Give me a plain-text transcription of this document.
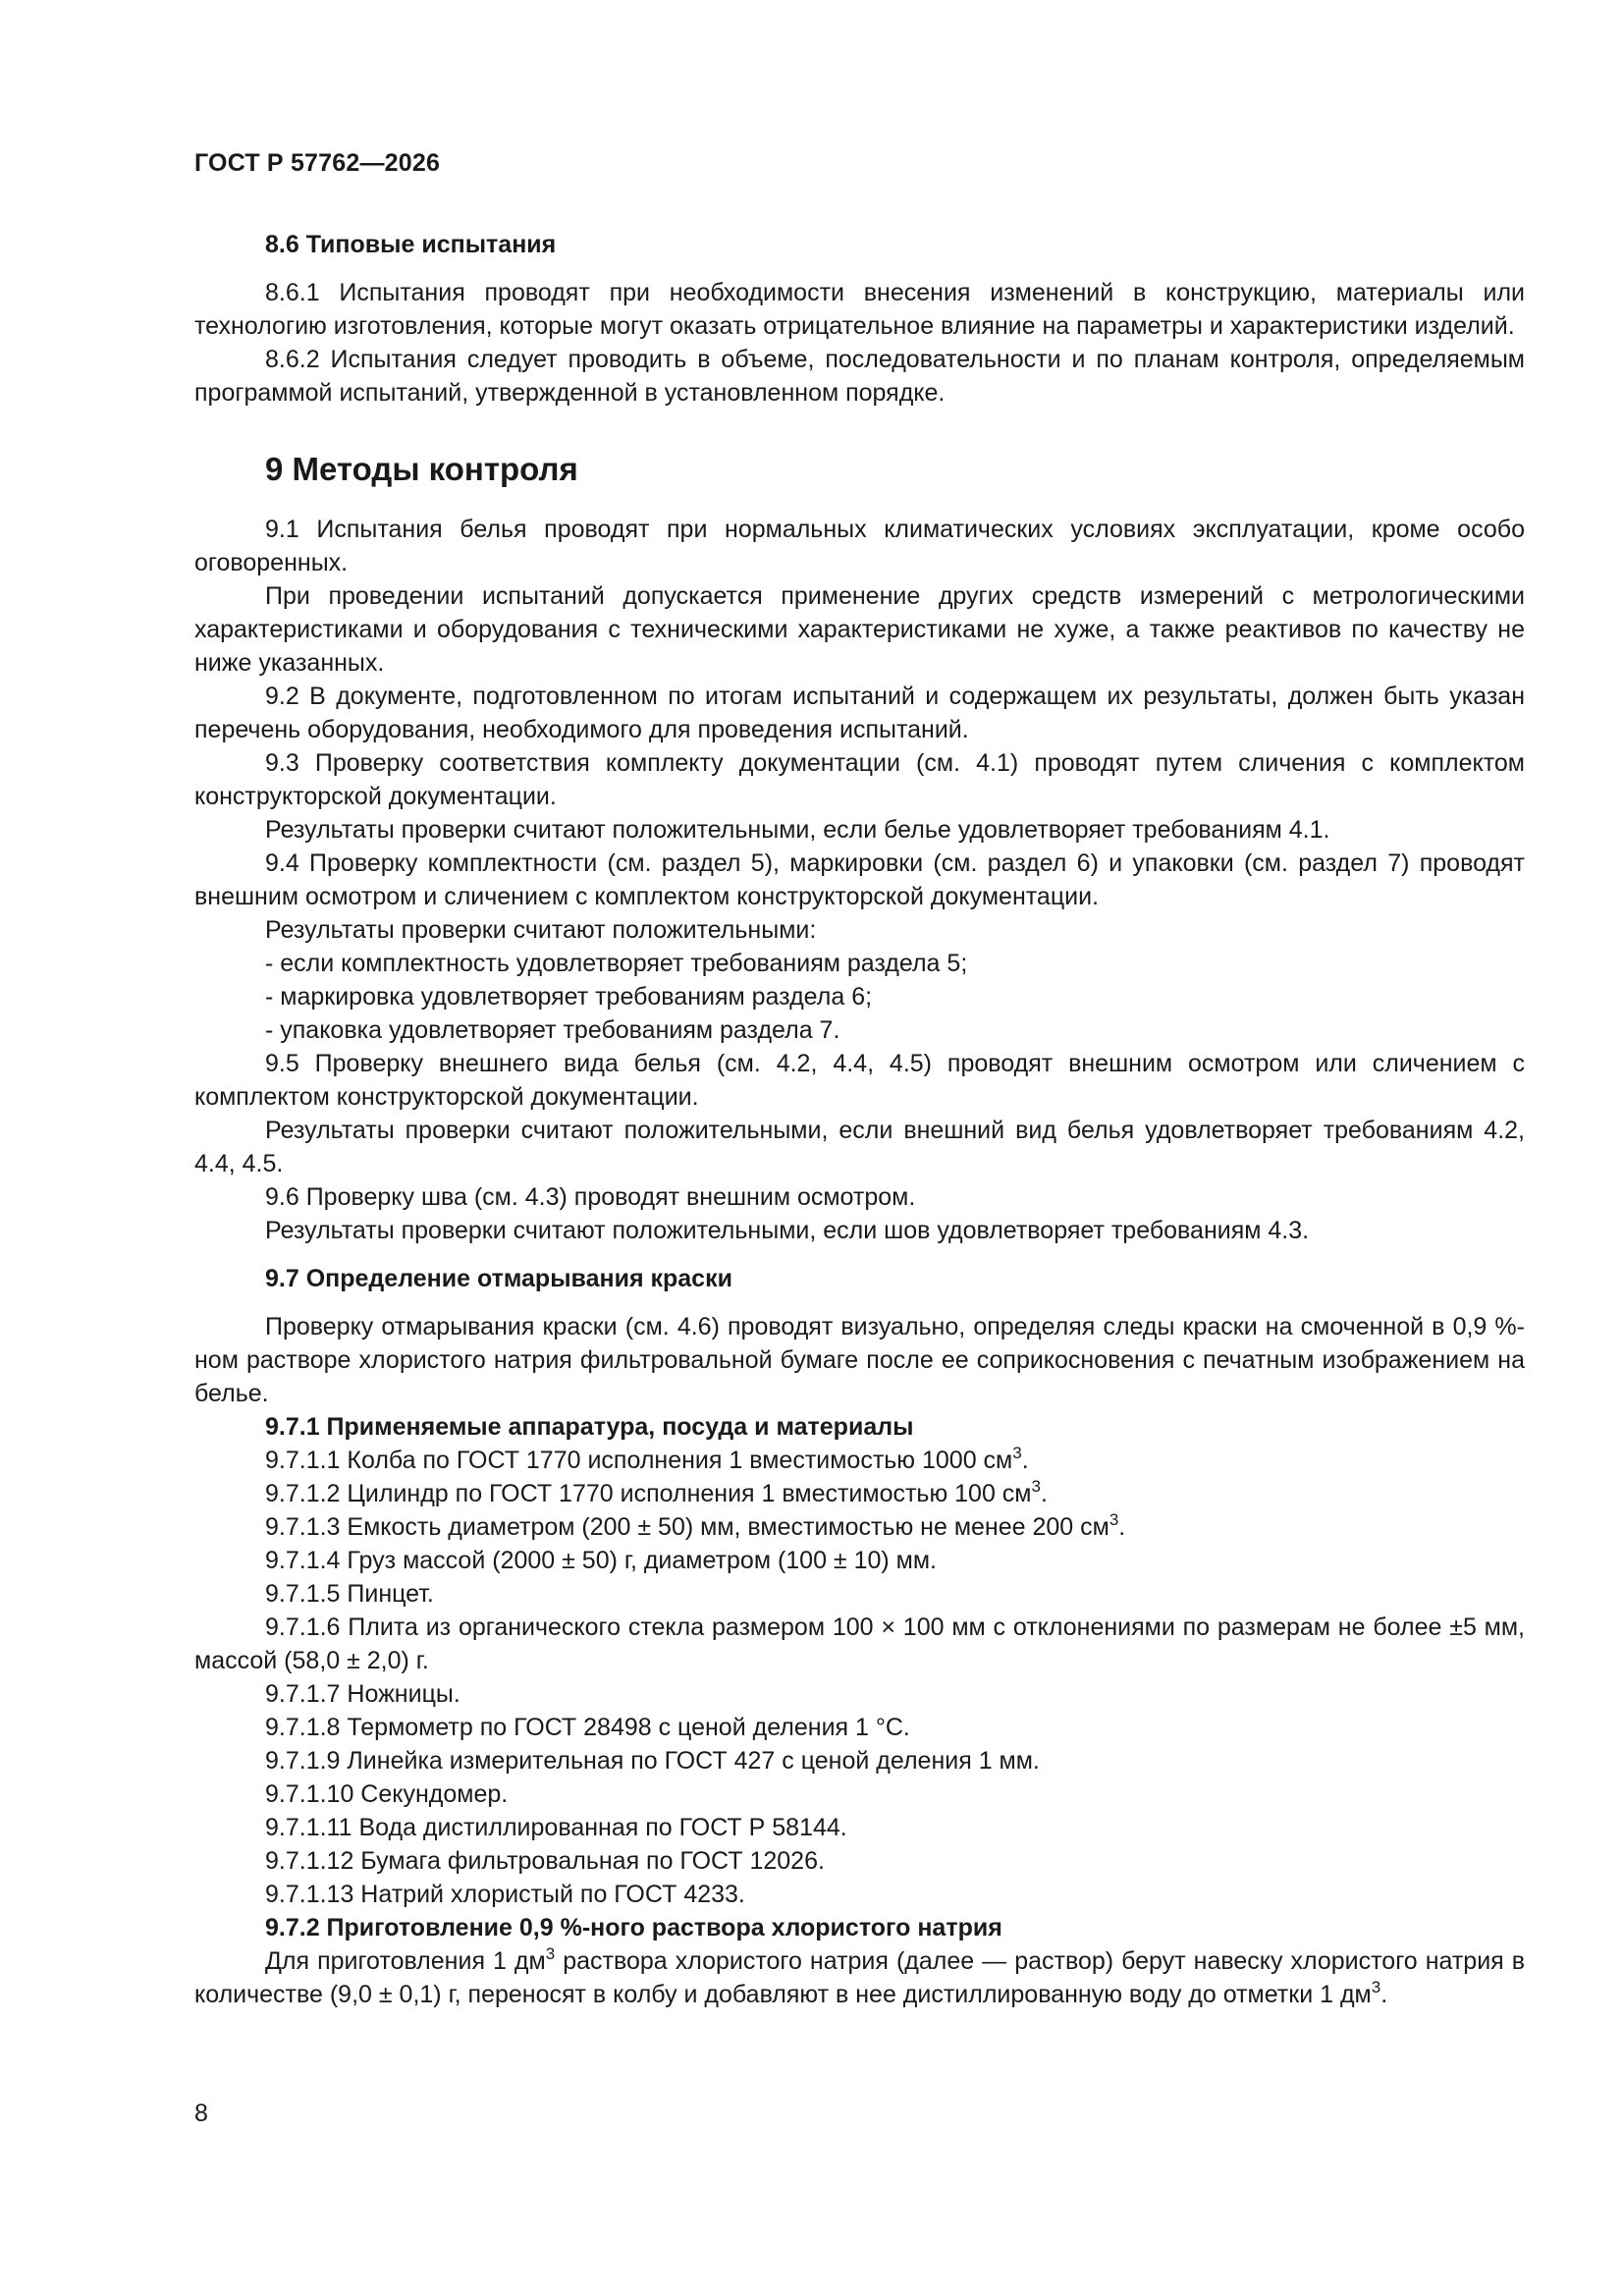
ГОСТ Р 57762—2026

8.6 Типовые испытания

8.6.1 Испытания проводят при необходимости внесения изменений в конструкцию, материалы или технологию изготовления, которые могут оказать отрицательное влияние на параметры и характеристики изделий.

8.6.2 Испытания следует проводить в объеме, последовательности и по планам контроля, определяемым программой испытаний, утвержденной в установленном порядке.

9 Методы контроля

9.1 Испытания белья проводят при нормальных климатических условиях эксплуатации, кроме особо оговоренных.

При проведении испытаний допускается применение других средств измерений с метрологическими характеристиками и оборудования с техническими характеристиками не хуже, а также реактивов по качеству не ниже указанных.

9.2 В документе, подготовленном по итогам испытаний и содержащем их результаты, должен быть указан перечень оборудования, необходимого для проведения испытаний.

9.3 Проверку соответствия комплекту документации (см. 4.1) проводят путем сличения с комплектом конструкторской документации.

Результаты проверки считают положительными, если белье удовлетворяет требованиям 4.1.

9.4 Проверку комплектности (см. раздел 5), маркировки (см. раздел 6) и упаковки (см. раздел 7) проводят внешним осмотром и сличением с комплектом конструкторской документации.

Результаты проверки считают положительными:

- если комплектность удовлетворяет требованиям раздела 5;

- маркировка удовлетворяет требованиям раздела 6;

- упаковка удовлетворяет требованиям раздела 7.

9.5 Проверку внешнего вида белья (см. 4.2, 4.4, 4.5) проводят внешним осмотром или сличением с комплектом конструкторской документации.

Результаты проверки считают положительными, если внешний вид белья удовлетворяет требованиям 4.2, 4.4, 4.5.

9.6 Проверку шва (см. 4.3) проводят внешним осмотром.

Результаты проверки считают положительными, если шов удовлетворяет требованиям 4.3.

9.7 Определение отмарывания краски

Проверку отмарывания краски (см. 4.6) проводят визуально, определяя следы краски на смоченной в 0,9 %-ном растворе хлористого натрия фильтровальной бумаге после ее соприкосновения с печатным изображением на белье.

9.7.1 Применяемые аппаратура, посуда и материалы

9.7.1.1 Колба по ГОСТ 1770 исполнения 1 вместимостью 1000 $см^3$.

9.7.1.2 Цилиндр по ГОСТ 1770 исполнения 1 вместимостью 100 $см^3$.

9.7.1.3 Емкость диаметром (200 ± 50) мм, вместимостью не менее 200 $см^3$.

9.7.1.4 Груз массой (2000 ± 50) г, диаметром (100 ± 10) мм.

9.7.1.5 Пинцет.

9.7.1.6 Плита из органического стекла размером 100 × 100 мм с отклонениями по размерам не более ±5 мм, массой (58,0 ± 2,0) г.

9.7.1.7 Ножницы.

9.7.1.8 Термометр по ГОСТ 28498 с ценой деления 1 °С.

9.7.1.9 Линейка измерительная по ГОСТ 427 с ценой деления 1 мм.

9.7.1.10 Секундомер.

9.7.1.11 Вода дистиллированная по ГОСТ Р 58144.

9.7.1.12 Бумага фильтровальная по ГОСТ 12026.

9.7.1.13 Натрий хлористый по ГОСТ 4233.

9.7.2 Приготовление 0,9 %-ного раствора хлористого натрия

Для приготовления 1 $дм^3$ раствора хлористого натрия (далее — раствор) берут навеску хлористого натрия в количестве (9,0 ± 0,1) г, переносят в колбу и добавляют в нее дистиллированную воду до отметки 1 $дм^3$.

8
